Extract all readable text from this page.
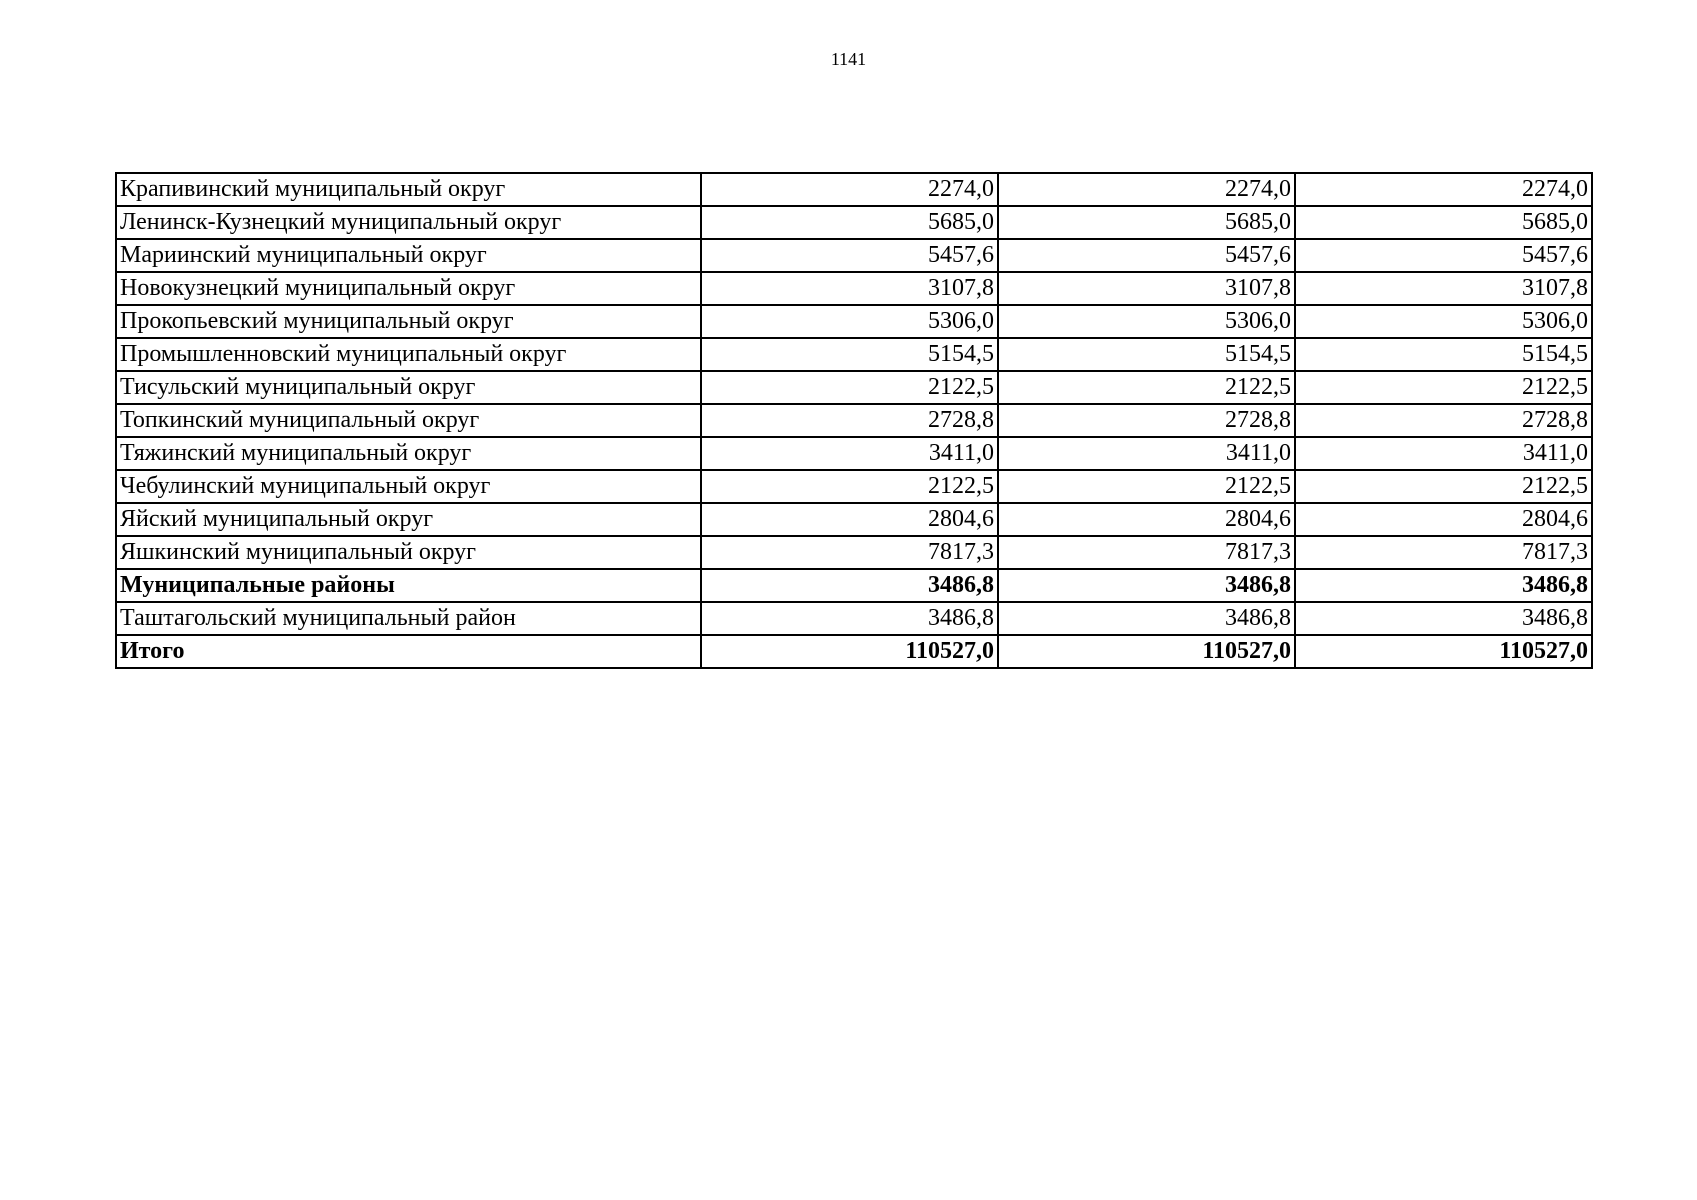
1141
Крапивинский муниципальный округ	2274,0	2274,0	2274,0
Ленинск-Кузнецкий муниципальный округ	5685,0	5685,0	5685,0
Мариинский муниципальный округ	5457,6	5457,6	5457,6
Новокузнецкий муниципальный округ	3107,8	3107,8	3107,8
Прокопьевский муниципальный округ	5306,0	5306,0	5306,0
Промышленновский муниципальный округ	5154,5	5154,5	5154,5
Тисульский муниципальный округ	2122,5	2122,5	2122,5
Топкинский муниципальный округ	2728,8	2728,8	2728,8
Тяжинский муниципальный округ	3411,0	3411,0	3411,0
Чебулинский муниципальный округ	2122,5	2122,5	2122,5
Яйский муниципальный округ	2804,6	2804,6	2804,6
Яшкинский муниципальный округ	7817,3	7817,3	7817,3
Муниципальные районы	3486,8	3486,8	3486,8
Таштагольский муниципальный район	3486,8	3486,8	3486,8
Итого	110527,0	110527,0	110527,0
